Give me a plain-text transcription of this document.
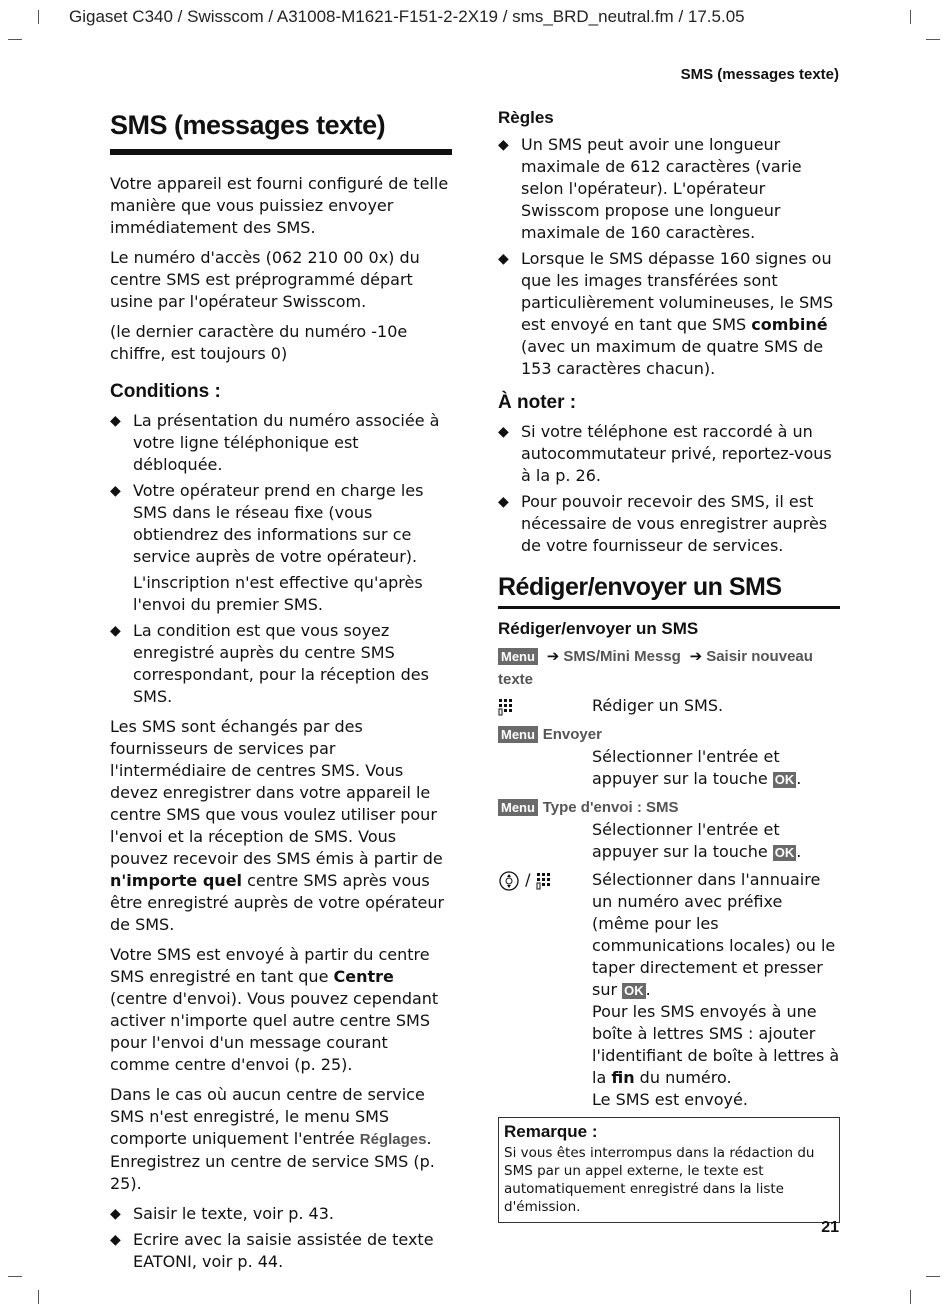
Gigaset C340 / Swisscom / A31008-M1621-F151-2-2X19 / sms_BRD_neutral.fm / 17.5.05
SMS (messages texte)
SMS (messages texte)

Votre appareil est fourni configuré de telle manière que vous puissiez envoyer immédiatement des SMS.

Le numéro d'accès (062 210 00 0x) du centre SMS est préprogrammé départ usine par l'opérateur Swisscom.

(le dernier caractère du numéro -10e chiffre, est toujours 0)

Conditions :
◆ La présentation du numéro associée à votre ligne téléphonique est débloquée.
◆ Votre opérateur prend en charge les SMS dans le réseau fixe (vous obtiendrez des informations sur ce service auprès de votre opérateur).

L'inscription n'est effective qu'après l'envoi du premier SMS.

◆ La condition est que vous soyez enregistré auprès du centre SMS correspondant, pour la réception des SMS.

Les SMS sont échangés par des fournisseurs de services par l'intermédiaire de centres SMS. Vous devez enregistrer dans votre appareil le centre SMS que vous voulez utiliser pour l'envoi et la réception de SMS. Vous pouvez recevoir des SMS émis à partir de n'importe quel centre SMS après vous être enregistré auprès de votre opérateur de SMS.

Votre SMS est envoyé à partir du centre SMS enregistré en tant que Centre (centre d'envoi). Vous pouvez cependant activer n'importe quel autre centre SMS pour l'envoi d'un message courant comme centre d'envoi (p. 25).

Dans le cas où aucun centre de service SMS n'est enregistré, le menu SMS comporte uniquement l'entrée Réglages. Enregistrez un centre de service SMS (p. 25).

◆ Saisir le texte, voir p. 43.
◆ Ecrire avec la saisie assistée de texte EATONI, voir p. 44.
Règles
◆ Un SMS peut avoir une longueur maximale de 612 caractères (varie selon l'opérateur). L'opérateur Swisscom propose une longueur maximale de 160 caractères.
◆ Lorsque le SMS dépasse 160 signes ou que les images transférées sont particulièrement volumineuses, le SMS est envoyé en tant que SMS combiné (avec un maximum de quatre SMS de 153 caractères chacun).
À noter :
◆ Si votre téléphone est raccordé à un autocommutateur privé, reportez-vous à la p. 26.
◆ Pour pouvoir recevoir des SMS, il est nécessaire de vous enregistrer auprès de votre fournisseur de services.
Rédiger/envoyer un SMS
Rédiger/envoyer un SMS
Menu ➔ SMS/Mini Messg ➔ Saisir nouveau texte
Rédiger un SMS.
Menu Envoyer
Sélectionner l'entrée et appuyer sur la touche OK .
Menu Type d'envoi : SMS
Sélectionner l'entrée et appuyer sur la touche OK .
/	Sélectionner dans l'annuaire un numéro avec préfixe (même pour les communications locales) ou le taper directement et presser sur OK .
Pour les SMS envoyés à une boîte à lettres SMS : ajouter l'identifiant de boîte à lettres à la fin du numéro.
Le SMS est envoyé.
Remarque :
Si vous êtes interrompus dans la rédaction du SMS par un appel externe, le texte est automatiquement enregistré dans la liste d'émission.
21
